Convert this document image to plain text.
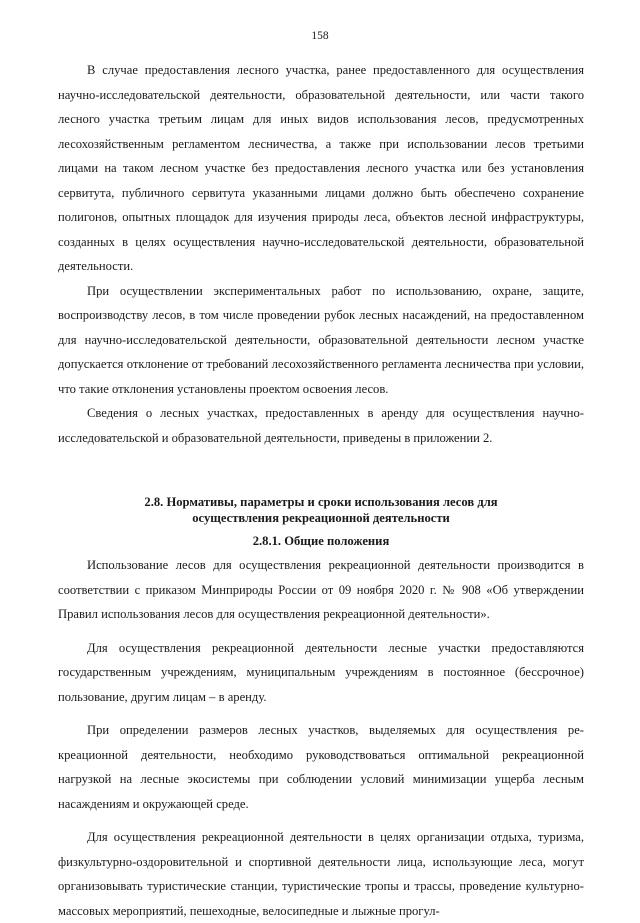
158

В случае предоставления лесного участка, ранее предоставленного для осуществления научно-исследовательской деятельности, образовательной деятельности, или части такого лесного участка третьим лицам для иных видов использования лесов, предусмотренных лесохозяйственным регламентом лесничества, а также при использовании лесов третьими лицами на таком лесном участке без предоставления лесного участка или без установления сервитута, публичного сервитута указанными лицами должно быть обеспечено сохранение полигонов, опытных площадок для изучения природы леса, объектов лесной инфраструктуры, созданных в целях осуществления научно-исследовательской деятельности, образовательной деятельности.

При осуществлении экспериментальных работ по использованию, охране, защите, воспроизводству лесов, в том числе проведении рубок лесных насаждений, на предоставленном для научно-исследовательской деятельности, образовательной деятельности лесном участке допускается отклонение от требований лесохозяйственного регламента лесничества при условии, что такие отклонения установлены проектом освоения лесов.

Сведения о лесных участках, предоставленных в аренду для осуществления научно-исследовательской и образовательной деятельности, приведены в приложении 2.

2.8. Нормативы, параметры и сроки использования лесов для
осуществления рекреационной деятельности
2.8.1. Общие положения

Использование лесов для осуществления рекреационной деятельности производится в соответствии с приказом Минприроды России от 09 ноября 2020 г. № 908 «Об утверждении Правил использования лесов для осуществления рекреационной деятельности».

Для осуществления рекреационной деятельности лесные участки предоставляются государственным учреждениям, муниципальным учреждениям в постоянное (бессрочное) пользование, другим лицам – в аренду.

При определении размеров лесных участков, выделяемых для осуществления рекреационной деятельности, необходимо руководствоваться оптимальной рекреационной нагрузкой на лесные экосистемы при соблюдении условий минимизации ущерба лесным насаждениям и окружающей среде.

Для осуществления рекреационной деятельности в целях организации отдыха, туризма, физкультурно-оздоровительной и спортивной деятельности лица, использующие леса, могут организовывать туристические станции, туристические тропы и трассы, проведение культурно-массовых мероприятий, пешеходные, велосипедные и лыжные прогул-
